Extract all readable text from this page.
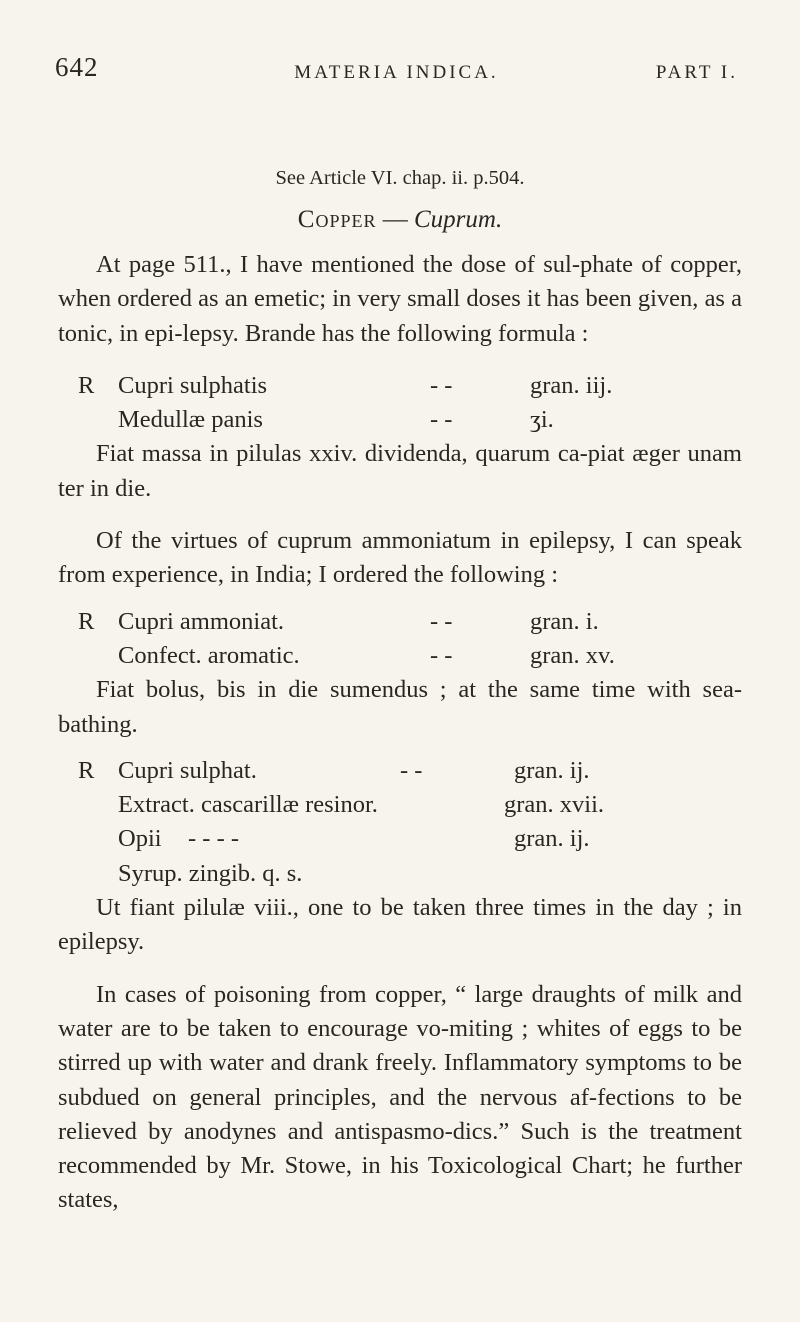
642	MATERIA INDICA.	PART I.
See Article VI. chap. ii. p.504.
Copper — Cuprum.

At page 511., I have mentioned the dose of sul-phate of copper, when ordered as an emetic; in very small doses it has been given, as a tonic, in epi-lepsy. Brande has the following formula :

R Cupri sulphatis	- -	gran. iij.
Medullæ panis	- -	ʒi.

Fiat massa in pilulas xxiv. dividenda, quarum ca-piat æger unam ter in die.

Of the virtues of cuprum ammoniatum in epilepsy, I can speak from experience, in India; I ordered the following :

R Cupri ammoniat.	- -	gran. i.
Confect. aromatic.	- -	gran. xv.

Fiat bolus, bis in die sumendus ; at the same time with sea-bathing.

R Cupri sulphat.	- -	gran. ij.
Extract. cascarillæ resinor.	gran. xvii.
Opii	- - - -	gran. ij.
Syrup. zingib. q. s.

Ut fiant pilulæ viii., one to be taken three times in the day ; in epilepsy.

In cases of poisoning from copper, “ large draughts of milk and water are to be taken to encourage vo-miting ; whites of eggs to be stirred up with water and drank freely. Inflammatory symptoms to be subdued on general principles, and the nervous af-fections to be relieved by anodynes and antispasmo-dics.” Such is the treatment recommended by Mr. Stowe, in his Toxicological Chart; he further states,
